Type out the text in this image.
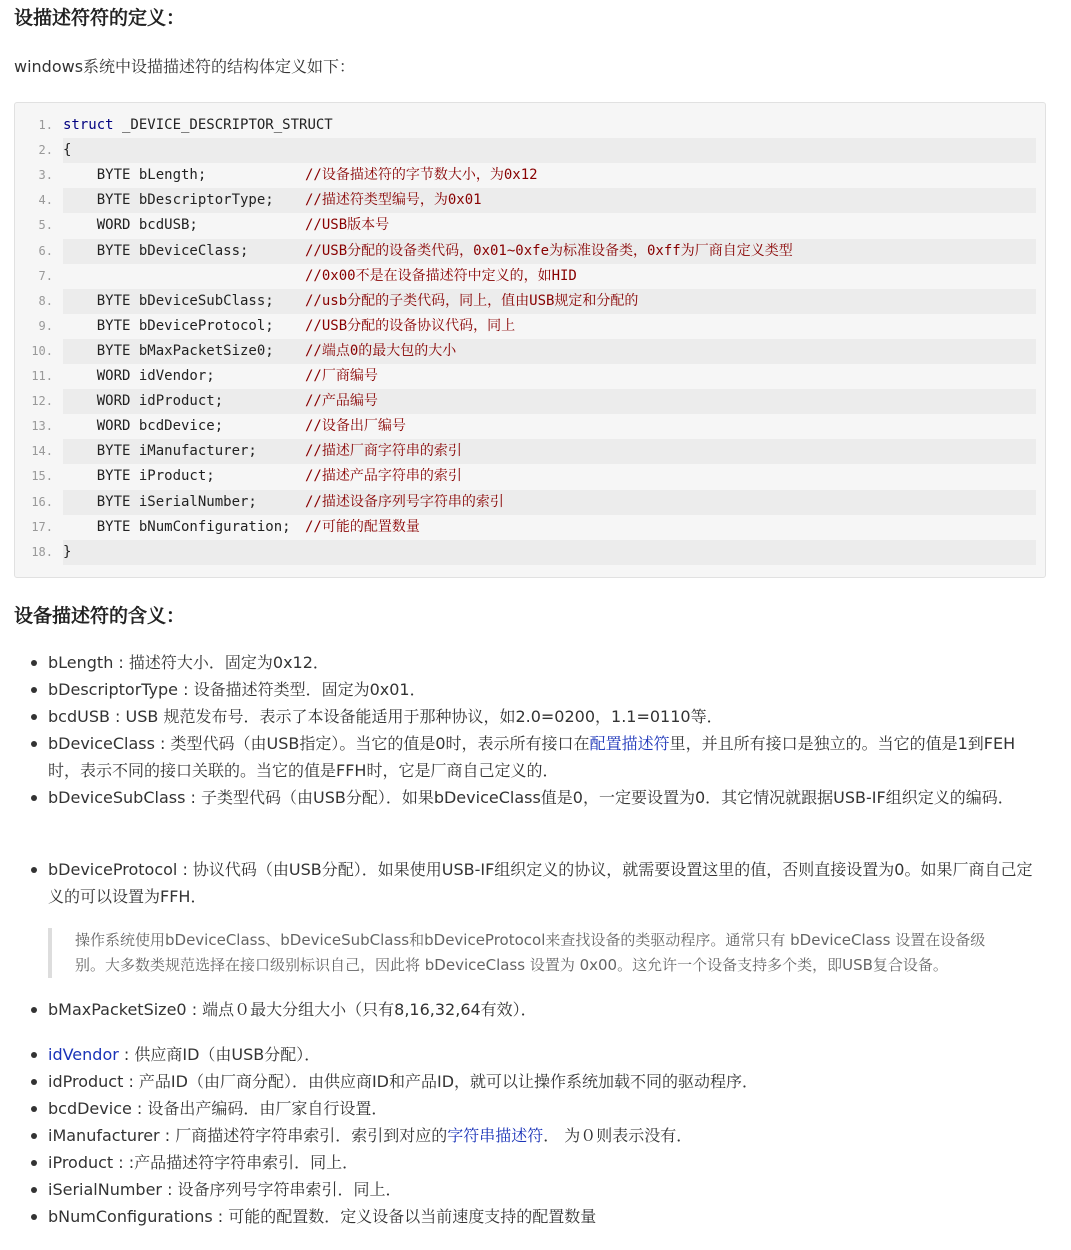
设描述符符的定义：

windows系统中设描描述符的结构体定义如下：

1. struct _DEVICE_DESCRIPTOR_STRUCT
2. {
3. BYTE bLength;	//设备描述符的字节数大小，为0x12
4. BYTE bDescriptorType; //描述符类型编号，为0x01
5. WORD bcdUSB;	//USB版本号
6. BYTE bDeviceClass;	//USB分配的设备类代码，0x01~0xfe为标准设备类，0xff为厂商自定义类型
7.	//0x00不是在设备描述符中定义的，如HID
8. BYTE bDeviceSubClass; //usb分配的子类代码，同上，值由USB规定和分配的
9. BYTE bDeviceProtocol; //USB分配的设备协议代码，同上
10. BYTE bMaxPacketSize0; //端点0的最大包的大小
11. WORD idVendor;	//厂商编号
12. WORD idProduct;	//产品编号
13. WORD bcdDevice;	//设备出厂编号
14. BYTE iManufacturer;	//描述厂商字符串的索引
15. BYTE iProduct;	//描述产品字符串的索引
16. BYTE iSerialNumber;	//描述设备序列号字符串的索引
17. BYTE bNumConfiguration; //可能的配置数量
18. }
设备描述符的含义：
bLength : 描述符大小．固定为0x12．
bDescriptorType : 设备描述符类型．固定为0x01．
bcdUSB : USB 规范发布号．表示了本设备能适用于那种协议，如2.0=0200，1.1=0110等．
bDeviceClass : 类型代码（由USB指定）。当它的值是0时，表示所有接口在配置描述符里，并且所有接口是独立的。当它的值是1到FEH时，表示不同的接口关联的。当它的值是FFH时，它是厂商自己定义的．
bDeviceSubClass : 子类型代码（由USB分配）．如果bDeviceClass值是0，一定要设置为0．其它情况就跟据USB-IF组织定义的编码．
bDeviceProtocol : 协议代码（由USB分配）．如果使用USB-IF组织定义的协议，就需要设置这里的值，否则直接设置为0。如果厂商自己定义的可以设置为FFH．
操作系统使用bDeviceClass、bDeviceSubClass和bDeviceProtocol来查找设备的类驱动程序。通常只有 bDeviceClass 设置在设备级别。大多数类规范选择在接口级别标识自己，因此将 bDeviceClass 设置为 0x00。这允许一个设备支持多个类，即USB复合设备。
bMaxPacketSize0 : 端点０最大分组大小（只有8,16,32,64有效）．
idVendor : 供应商ID（由USB分配）．
idProduct : 产品ID（由厂商分配）．由供应商ID和产品ID，就可以让操作系统加载不同的驱动程序．
bcdDevice : 设备出产编码．由厂家自行设置．
iManufacturer : 厂商描述符字符串索引．索引到对应的字符串描述符． 为０则表示没有．
iProduct : :产品描述符字符串索引．同上．
iSerialNumber : 设备序列号字符串索引．同上．
bNumConfigurations : 可能的配置数．定义设备以当前速度支持的配置数量
